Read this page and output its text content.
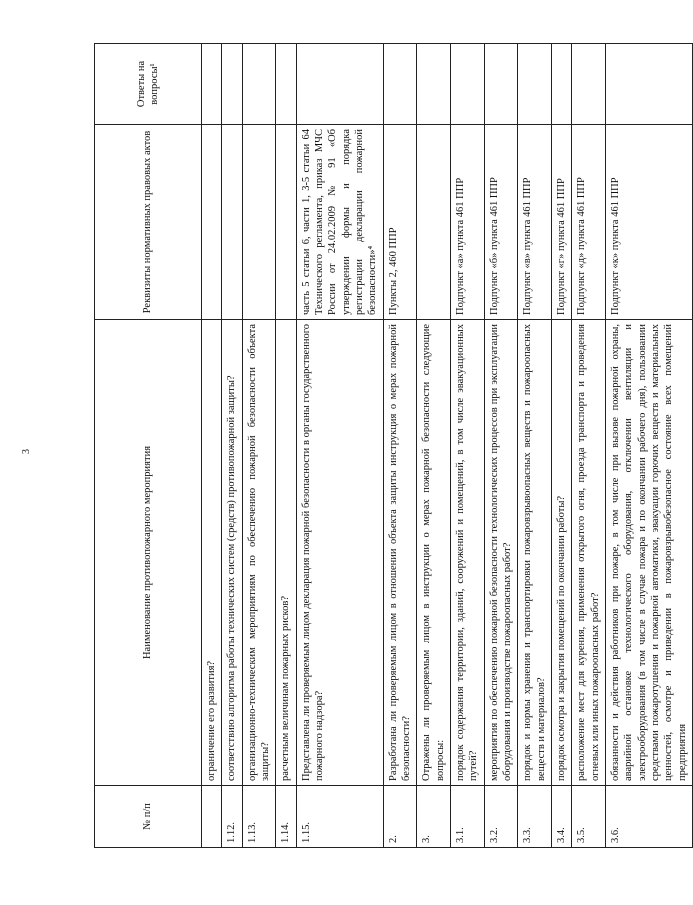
3
№ п/п	Наименование противопожарного мероприятия	Реквизиты нормативных правовых актов	Ответы на вопросы¹
	ограничение его развития?		
1.12.	соответствию алгоритма работы технических систем (средств) противопожарной защиты?		
1.13.	организационно-техническим мероприятиям по обеспечению пожарной безопасности объекта защиты?		
1.14.	расчетным величинам пожарных рисков?		
1.15.	Представлена ли проверяемым лицом декларация пожарной безопасности в органы государственного пожарного надзора?	часть 5 статьи 6, части 1, 3-5 статьи 64 Технического регламента, приказ МЧС России от 24.02.2009 № 91 «Об утверждении формы и порядка регистрации декларации пожарной безопасности»⁴	
2.	Разработана ли проверяемым лицом в отношении объекта защиты инструкция о мерах пожарной безопасности?	Пункты 2, 460 ППР	
3.	Отражены ли проверяемым лицом в инструкции о мерах пожарной безопасности следующие вопросы:		
3.1.	порядок содержания территории, зданий, сооружений и помещений, в том числе эвакуационных путей?	Подпункт «а» пункта 461 ППР	
3.2.	мероприятия по обеспечению пожарной безопасности технологических процессов при эксплуатации оборудования и производстве пожароопасных работ?	Подпункт «б» пункта 461 ППР	
3.3.	порядок и нормы хранения и транспортировки пожаровзрывоопасных веществ и пожароопасных веществ и материалов?	Подпункт «в» пункта 461 ППР	
3.4.	порядок осмотра и закрытия помещений по окончании работы?	Подпункт «г» пункта 461 ППР	
3.5.	расположение мест для курения, применения открытого огня, проезда транспорта и проведения огневых или иных пожароопасных работ?	Подпункт «д» пункта 461 ППР	
3.6.	обязанности и действия работников при пожаре, в том числе при вызове пожарной охраны, аварийной остановке технологического оборудования, отключении вентиляции и электрооборудования (в том числе в случае пожара и по окончании рабочего дня), пользовании средствами пожаротушения и пожарной автоматики, эвакуации горючих веществ и материальных ценностей, осмотре и приведении в пожаровзрывобезопасное состояние всех помещений предприятия	Подпункт «к» пункта 461 ППР	
